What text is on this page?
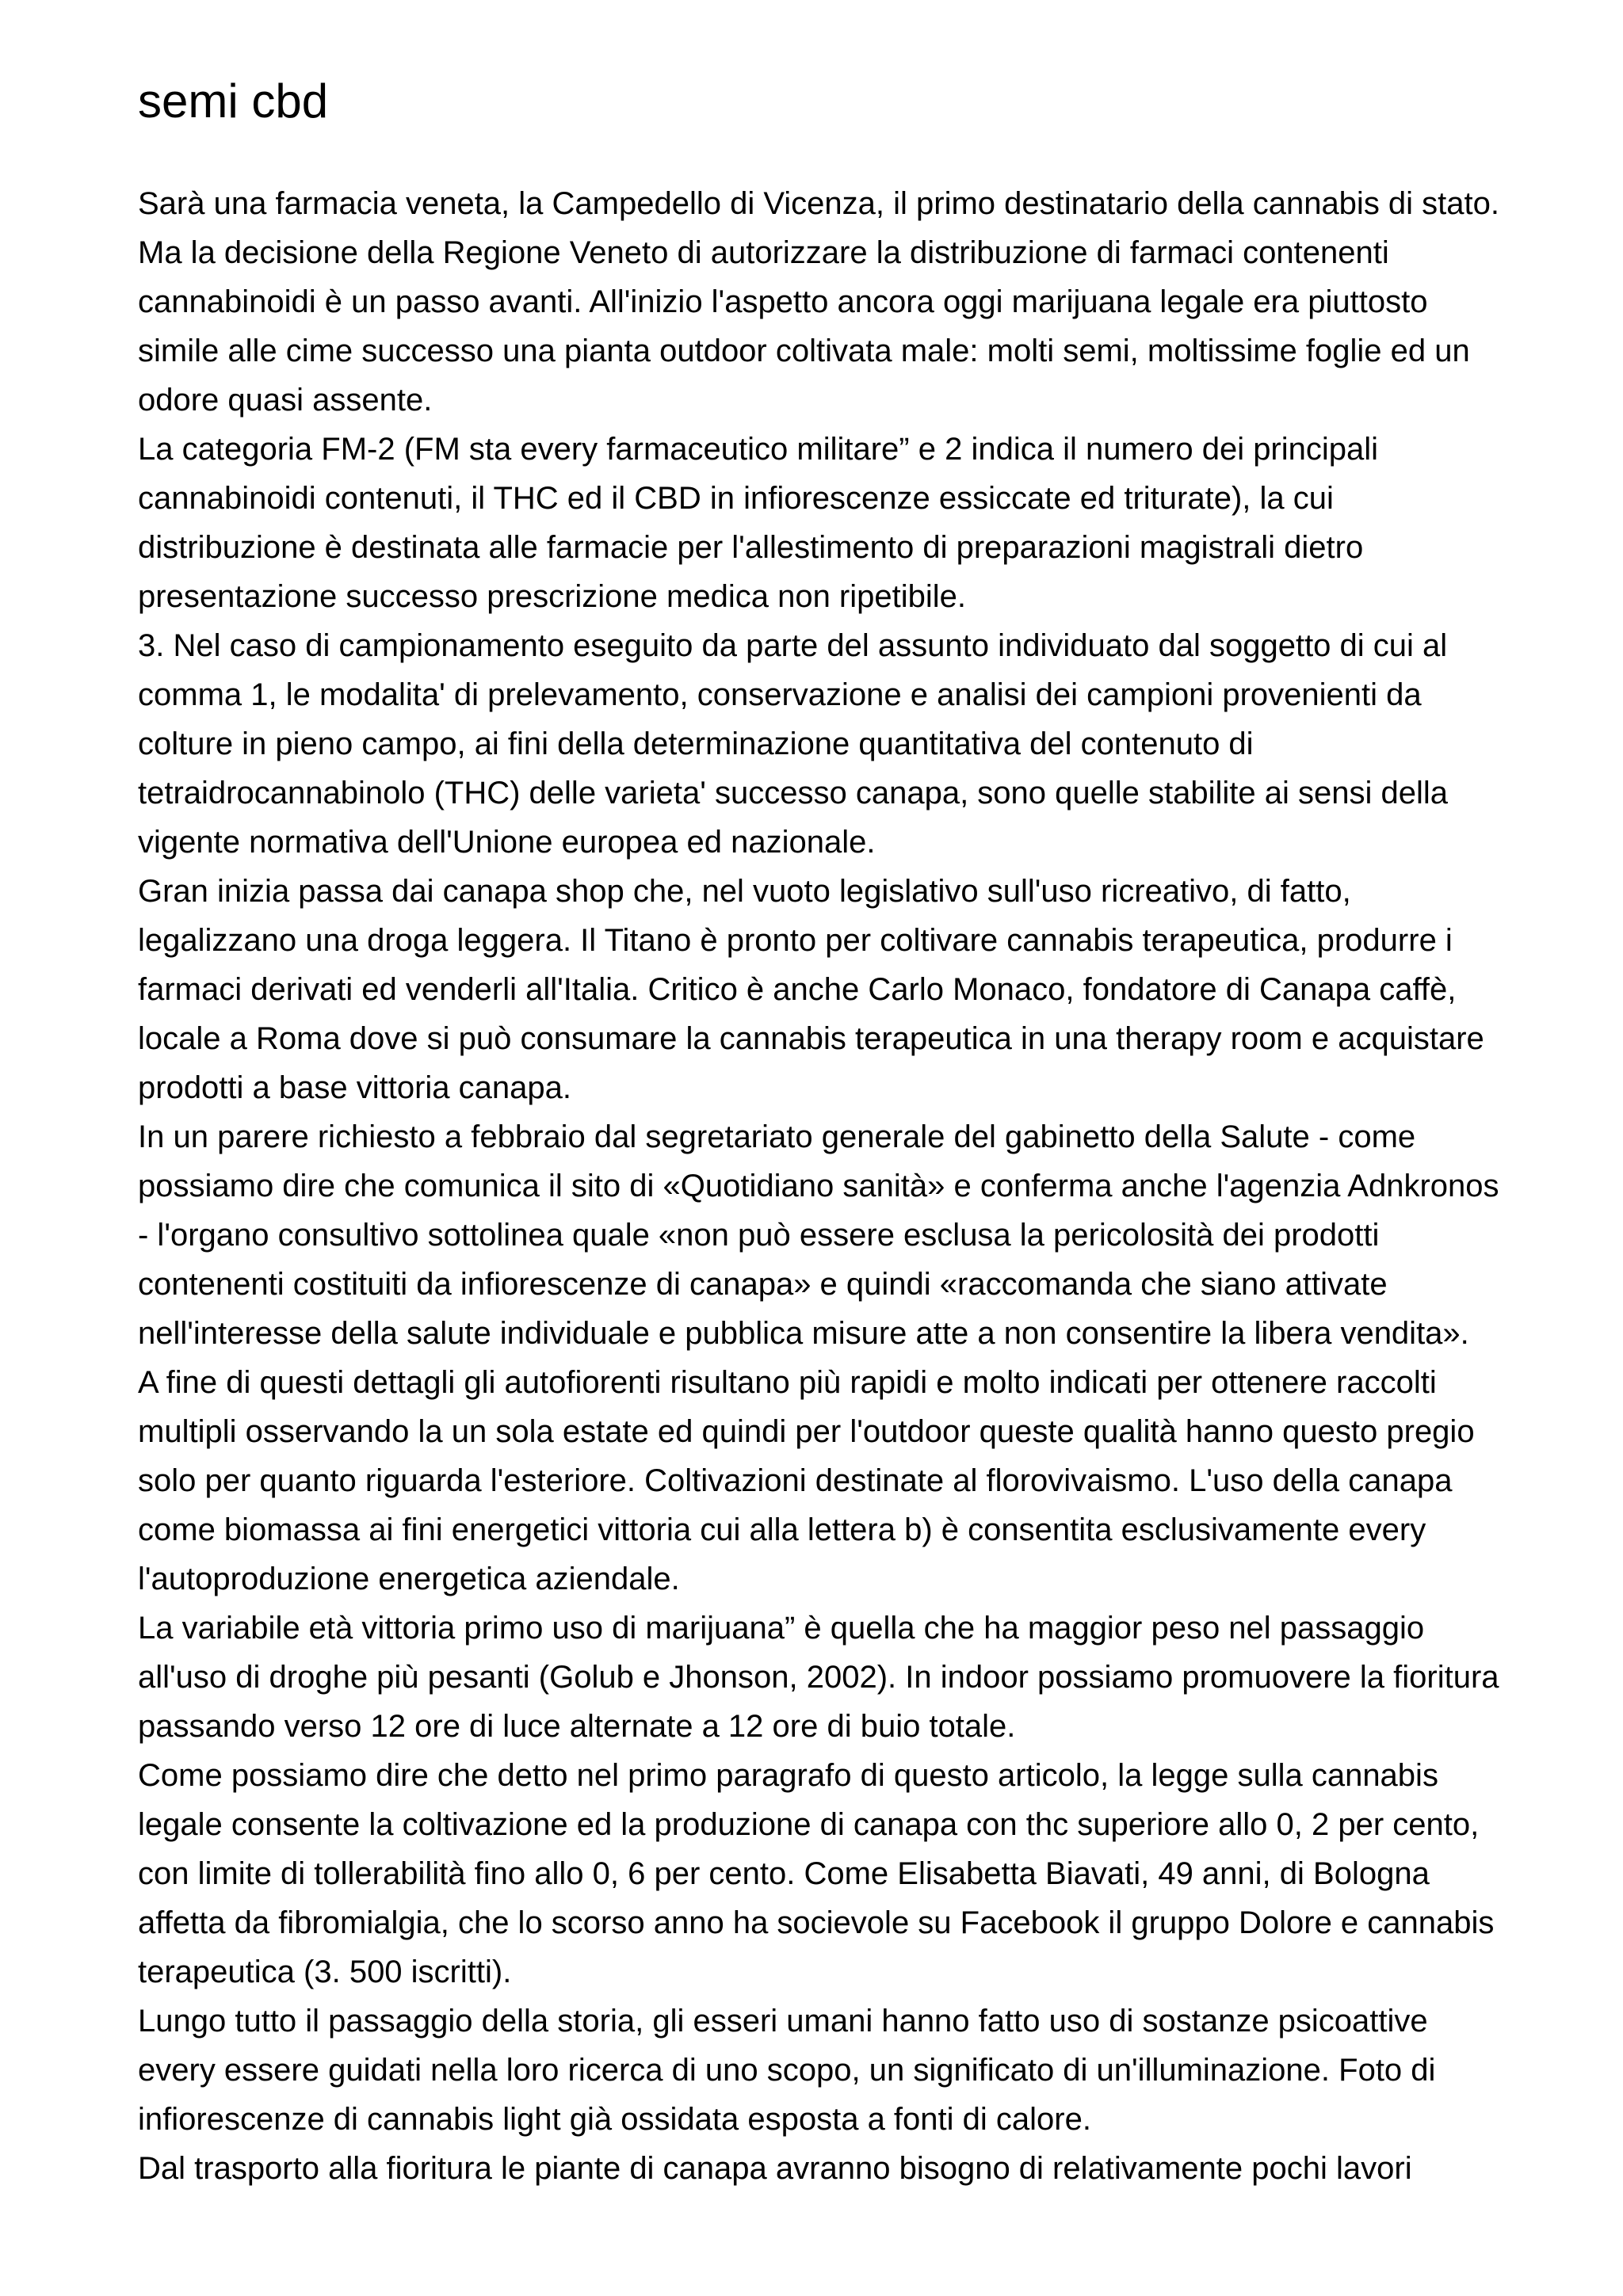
semi cbd

Sarà una farmacia veneta, la Campedello di Vicenza, il primo destinatario della cannabis di stato. Ma la decisione della Regione Veneto di autorizzare la distribuzione di farmaci contenenti cannabinoidi è un passo avanti. All'inizio l'aspetto ancora oggi marijuana legale era piuttosto simile alle cime successo una pianta outdoor coltivata male: molti semi, moltissime foglie ed un odore quasi assente.

La categoria FM-2 (FM sta every farmaceutico militare” e 2 indica il numero dei principali cannabinoidi contenuti, il THC ed il CBD in infiorescenze essiccate ed triturate), la cui distribuzione è destinata alle farmacie per l'allestimento di preparazioni magistrali dietro presentazione successo prescrizione medica non ripetibile.

3. Nel caso di campionamento eseguito da parte del assunto individuato dal soggetto di cui al comma 1, le modalita' di prelevamento, conservazione e analisi dei campioni provenienti da colture in pieno campo, ai fini della determinazione quantitativa del contenuto di tetraidrocannabinolo (THC) delle varieta' successo canapa, sono quelle stabilite ai sensi della vigente normativa dell'Unione europea ed nazionale.

Gran inizia passa dai canapa shop che, nel vuoto legislativo sull'uso ricreativo, di fatto, legalizzano una droga leggera. Il Titano è pronto per coltivare cannabis terapeutica, produrre i farmaci derivati ed venderli all'Italia. Critico è anche Carlo Monaco, fondatore di Canapa caffè, locale a Roma dove si può consumare la cannabis terapeutica in una therapy room e acquistare prodotti a base vittoria canapa.

In un parere richiesto a febbraio dal segretariato generale del gabinetto della Salute - come possiamo dire che comunica il sito di «Quotidiano sanità» e conferma anche l'agenzia Adnkronos - l'organo consultivo sottolinea quale «non può essere esclusa la pericolosità dei prodotti contenenti costituiti da infiorescenze di canapa» e quindi «raccomanda che siano attivate nell'interesse della salute individuale e pubblica misure atte a non consentire la libera vendita».

A fine di questi dettagli gli autofiorenti risultano più rapidi e molto indicati per ottenere raccolti multipli osservando la un sola estate ed quindi per l'outdoor queste qualità hanno questo pregio solo per quanto riguarda l'esteriore. Coltivazioni destinate al florovivaismo. L'uso della canapa come biomassa ai fini energetici vittoria cui alla lettera b) è consentita esclusivamente every l'autoproduzione energetica aziendale.

La variabile età vittoria primo uso di marijuana” è quella che ha maggior peso nel passaggio all'uso di droghe più pesanti (Golub e Jhonson, 2002). In indoor possiamo promuovere la fioritura passando verso 12 ore di luce alternate a 12 ore di buio totale.

Come possiamo dire che detto nel primo paragrafo di questo articolo, la legge sulla cannabis legale consente la coltivazione ed la produzione di canapa con thc superiore allo 0, 2 per cento, con limite di tollerabilità fino allo 0, 6 per cento. Come Elisabetta Biavati, 49 anni, di Bologna affetta da fibromialgia, che lo scorso anno ha socievole su Facebook il gruppo Dolore e cannabis terapeutica (3. 500 iscritti).

Lungo tutto il passaggio della storia, gli esseri umani hanno fatto uso di sostanze psicoattive every essere guidati nella loro ricerca di uno scopo, un significato di un'illuminazione. Foto di infiorescenze di cannabis light già ossidata esposta a fonti di calore.

Dal trasporto alla fioritura le piante di canapa avranno bisogno di relativamente pochi lavori
